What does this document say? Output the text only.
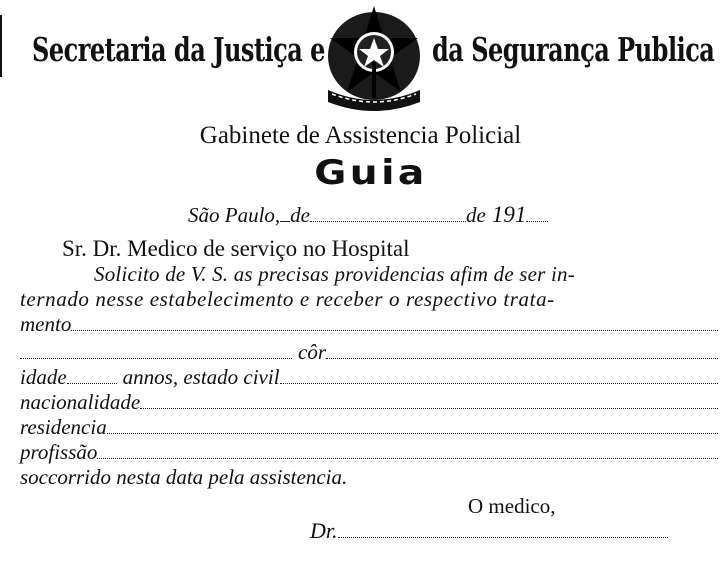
Secretaria da Justiça e	da Segurança Publica
Gabinete de Assistencia Policial
Guia
São Paulo, de	de 191
Sr. Dr. Medico de serviço no Hospital
Solicito de V. S. as precisas providencias afim de ser in-
ternado nesse estabelecimento e receber o respectivo trata-
mento
côr
idade	annos, estado civil
nacionalidade
residencia
profissão
soccorrido nesta data pela assistencia.
O medico,
Dr.
